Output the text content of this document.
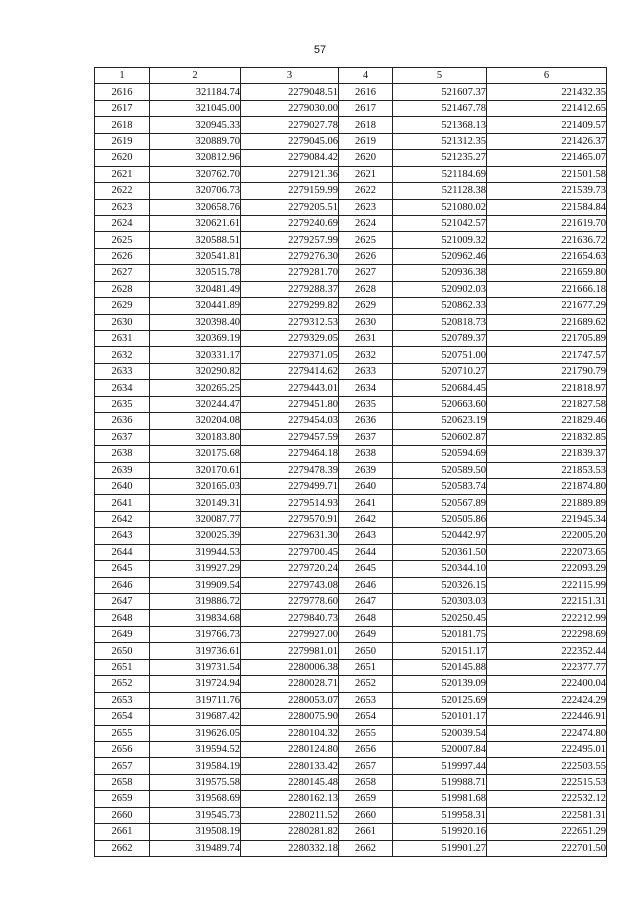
57
1	2	3	4	5	6
2616	321184.74	2279048.51	2616	521607.37	221432.35
2617	321045.00	2279030.00	2617	521467.78	221412.65
2618	320945.33	2279027.78	2618	521368.13	221409.57
2619	320889.70	2279045.06	2619	521312.35	221426.37
2620	320812.96	2279084.42	2620	521235.27	221465.07
2621	320762.70	2279121.36	2621	521184.69	221501.58
2622	320706.73	2279159.99	2622	521128.38	221539.73
2623	320658.76	2279205.51	2623	521080.02	221584.84
2624	320621.61	2279240.69	2624	521042.57	221619.70
2625	320588.51	2279257.99	2625	521009.32	221636.72
2626	320541.81	2279276.30	2626	520962.46	221654.63
2627	320515.78	2279281.70	2627	520936.38	221659.80
2628	320481.49	2279288.37	2628	520902.03	221666.18
2629	320441.89	2279299.82	2629	520862.33	221677.29
2630	320398.40	2279312.53	2630	520818.73	221689.62
2631	320369.19	2279329.05	2631	520789.37	221705.89
2632	320331.17	2279371.05	2632	520751.00	221747.57
2633	320290.82	2279414.62	2633	520710.27	221790.79
2634	320265.25	2279443.01	2634	520684.45	221818.97
2635	320244.47	2279451.80	2635	520663.60	221827.58
2636	320204.08	2279454.03	2636	520623.19	221829.46
2637	320183.80	2279457.59	2637	520602.87	221832.85
2638	320175.68	2279464.18	2638	520594.69	221839.37
2639	320170.61	2279478.39	2639	520589.50	221853.53
2640	320165.03	2279499.71	2640	520583.74	221874.80
2641	320149.31	2279514.93	2641	520567.89	221889.89
2642	320087.77	2279570.91	2642	520505.86	221945.34
2643	320025.39	2279631.30	2643	520442.97	222005.20
2644	319944.53	2279700.45	2644	520361.50	222073.65
2645	319927.29	2279720.24	2645	520344.10	222093.29
2646	319909.54	2279743.08	2646	520326.15	222115.99
2647	319886.72	2279778.60	2647	520303.03	222151.31
2648	319834.68	2279840.73	2648	520250.45	222212.99
2649	319766.73	2279927.00	2649	520181.75	222298.69
2650	319736.61	2279981.01	2650	520151.17	222352.44
2651	319731.54	2280006.38	2651	520145.88	222377.77
2652	319724.94	2280028.71	2652	520139.09	222400.04
2653	319711.76	2280053.07	2653	520125.69	222424.29
2654	319687.42	2280075.90	2654	520101.17	222446.91
2655	319626.05	2280104.32	2655	520039.54	222474.80
2656	319594.52	2280124.80	2656	520007.84	222495.01
2657	319584.19	2280133.42	2657	519997.44	222503.55
2658	319575.58	2280145.48	2658	519988.71	222515.53
2659	319568.69	2280162.13	2659	519981.68	222532.12
2660	319545.73	2280211.52	2660	519958.31	222581.31
2661	319508.19	2280281.82	2661	519920.16	222651.29
2662	319489.74	2280332.18	2662	519901.27	222701.50
